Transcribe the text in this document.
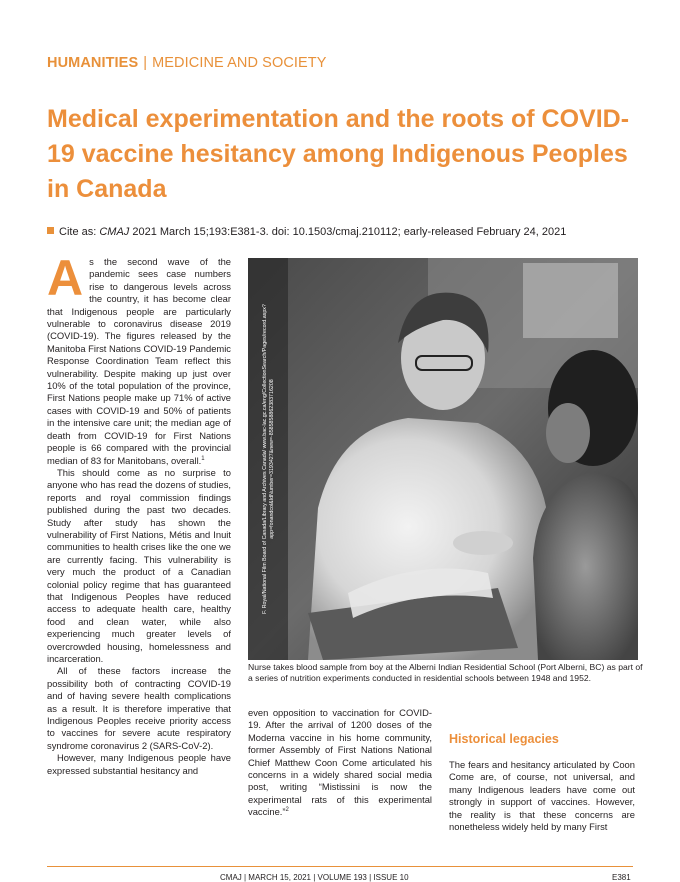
HUMANITIES | MEDICINE AND SOCIETY
Medical experimentation and the roots of COVID-19 vaccine hesitancy among Indigenous Peoples in Canada
Cite as: CMAJ 2021 March 15;193:E381-3. doi: 10.1503/cmaj.210112; early-released February 24, 2021

As the second wave of the pandemic sees case numbers rise to dangerous levels across the country, it has become clear that Indigenous people are particularly vulnerable to coronavirus disease 2019 (COVID-19). The figures released by the Manitoba First Nations COVID-19 Pandemic Response Coordination Team reflect this vulnerability. Despite making up just over 10% of the total population of the province, First Nations people make up 71% of active cases with COVID-19 and 50% of patients in the intensive care unit; the median age of death from COVID-19 for First Nations people is 66 compared with the provincial median of 83 for Manitobans, overall.$^1$

This should come as no surprise to anyone who has read the dozens of studies, reports and royal commission findings published during the past two decades. Study after study has shown the vulnerability of First Nations, Métis and Inuit communities to health crises like the one we are currently facing. This vulnerability is very much the product of a Canadian colonial policy regime that has guaranteed that Indigenous Peoples have reduced access to adequate health care, healthy food and clean water, while also experiencing much greater levels of overcrowded housing, homelessness and incarceration.

All of these factors increase the possibility both of contracting COVID-19 and of having severe health complications as a result. It is therefore imperative that Indigenous Peoples receive priority access to vaccines for severe acute respiratory syndrome coronavirus 2 (SARS-CoV-2).

However, many Indigenous people have expressed substantial hesitancy and

F. Royal/National Film Board of Canada/Library and Archives Canada/ www.bac-lac.gc.ca/eng/CollectionSearch/Pages/record.aspx?app=fonandcol&IdNumber=3193427&new=-8585858862383716208
Nurse takes blood sample from boy at the Alberni Indian Residential School (Port Alberni, BC) as part of a series of nutrition experiments conducted in residential schools between 1948 and 1952.

even opposition to vaccination for COVID-19. After the arrival of 1200 doses of the Moderna vaccine in his home community, former Assembly of First Nations National Chief Matthew Coon Come articulated his concerns in a widely shared social media post, writing “Mistissini is now the experimental rats of this experimental vaccine.”$^2$

Historical legacies

The fears and hesitancy articulated by Coon Come are, of course, not universal, and many Indigenous leaders have come out strongly in support of vaccines. However, the reality is that these concerns are nonetheless widely held by many First

CMAJ | MARCH 15, 2021 | VOLUME 193 | ISSUE 10	E381
